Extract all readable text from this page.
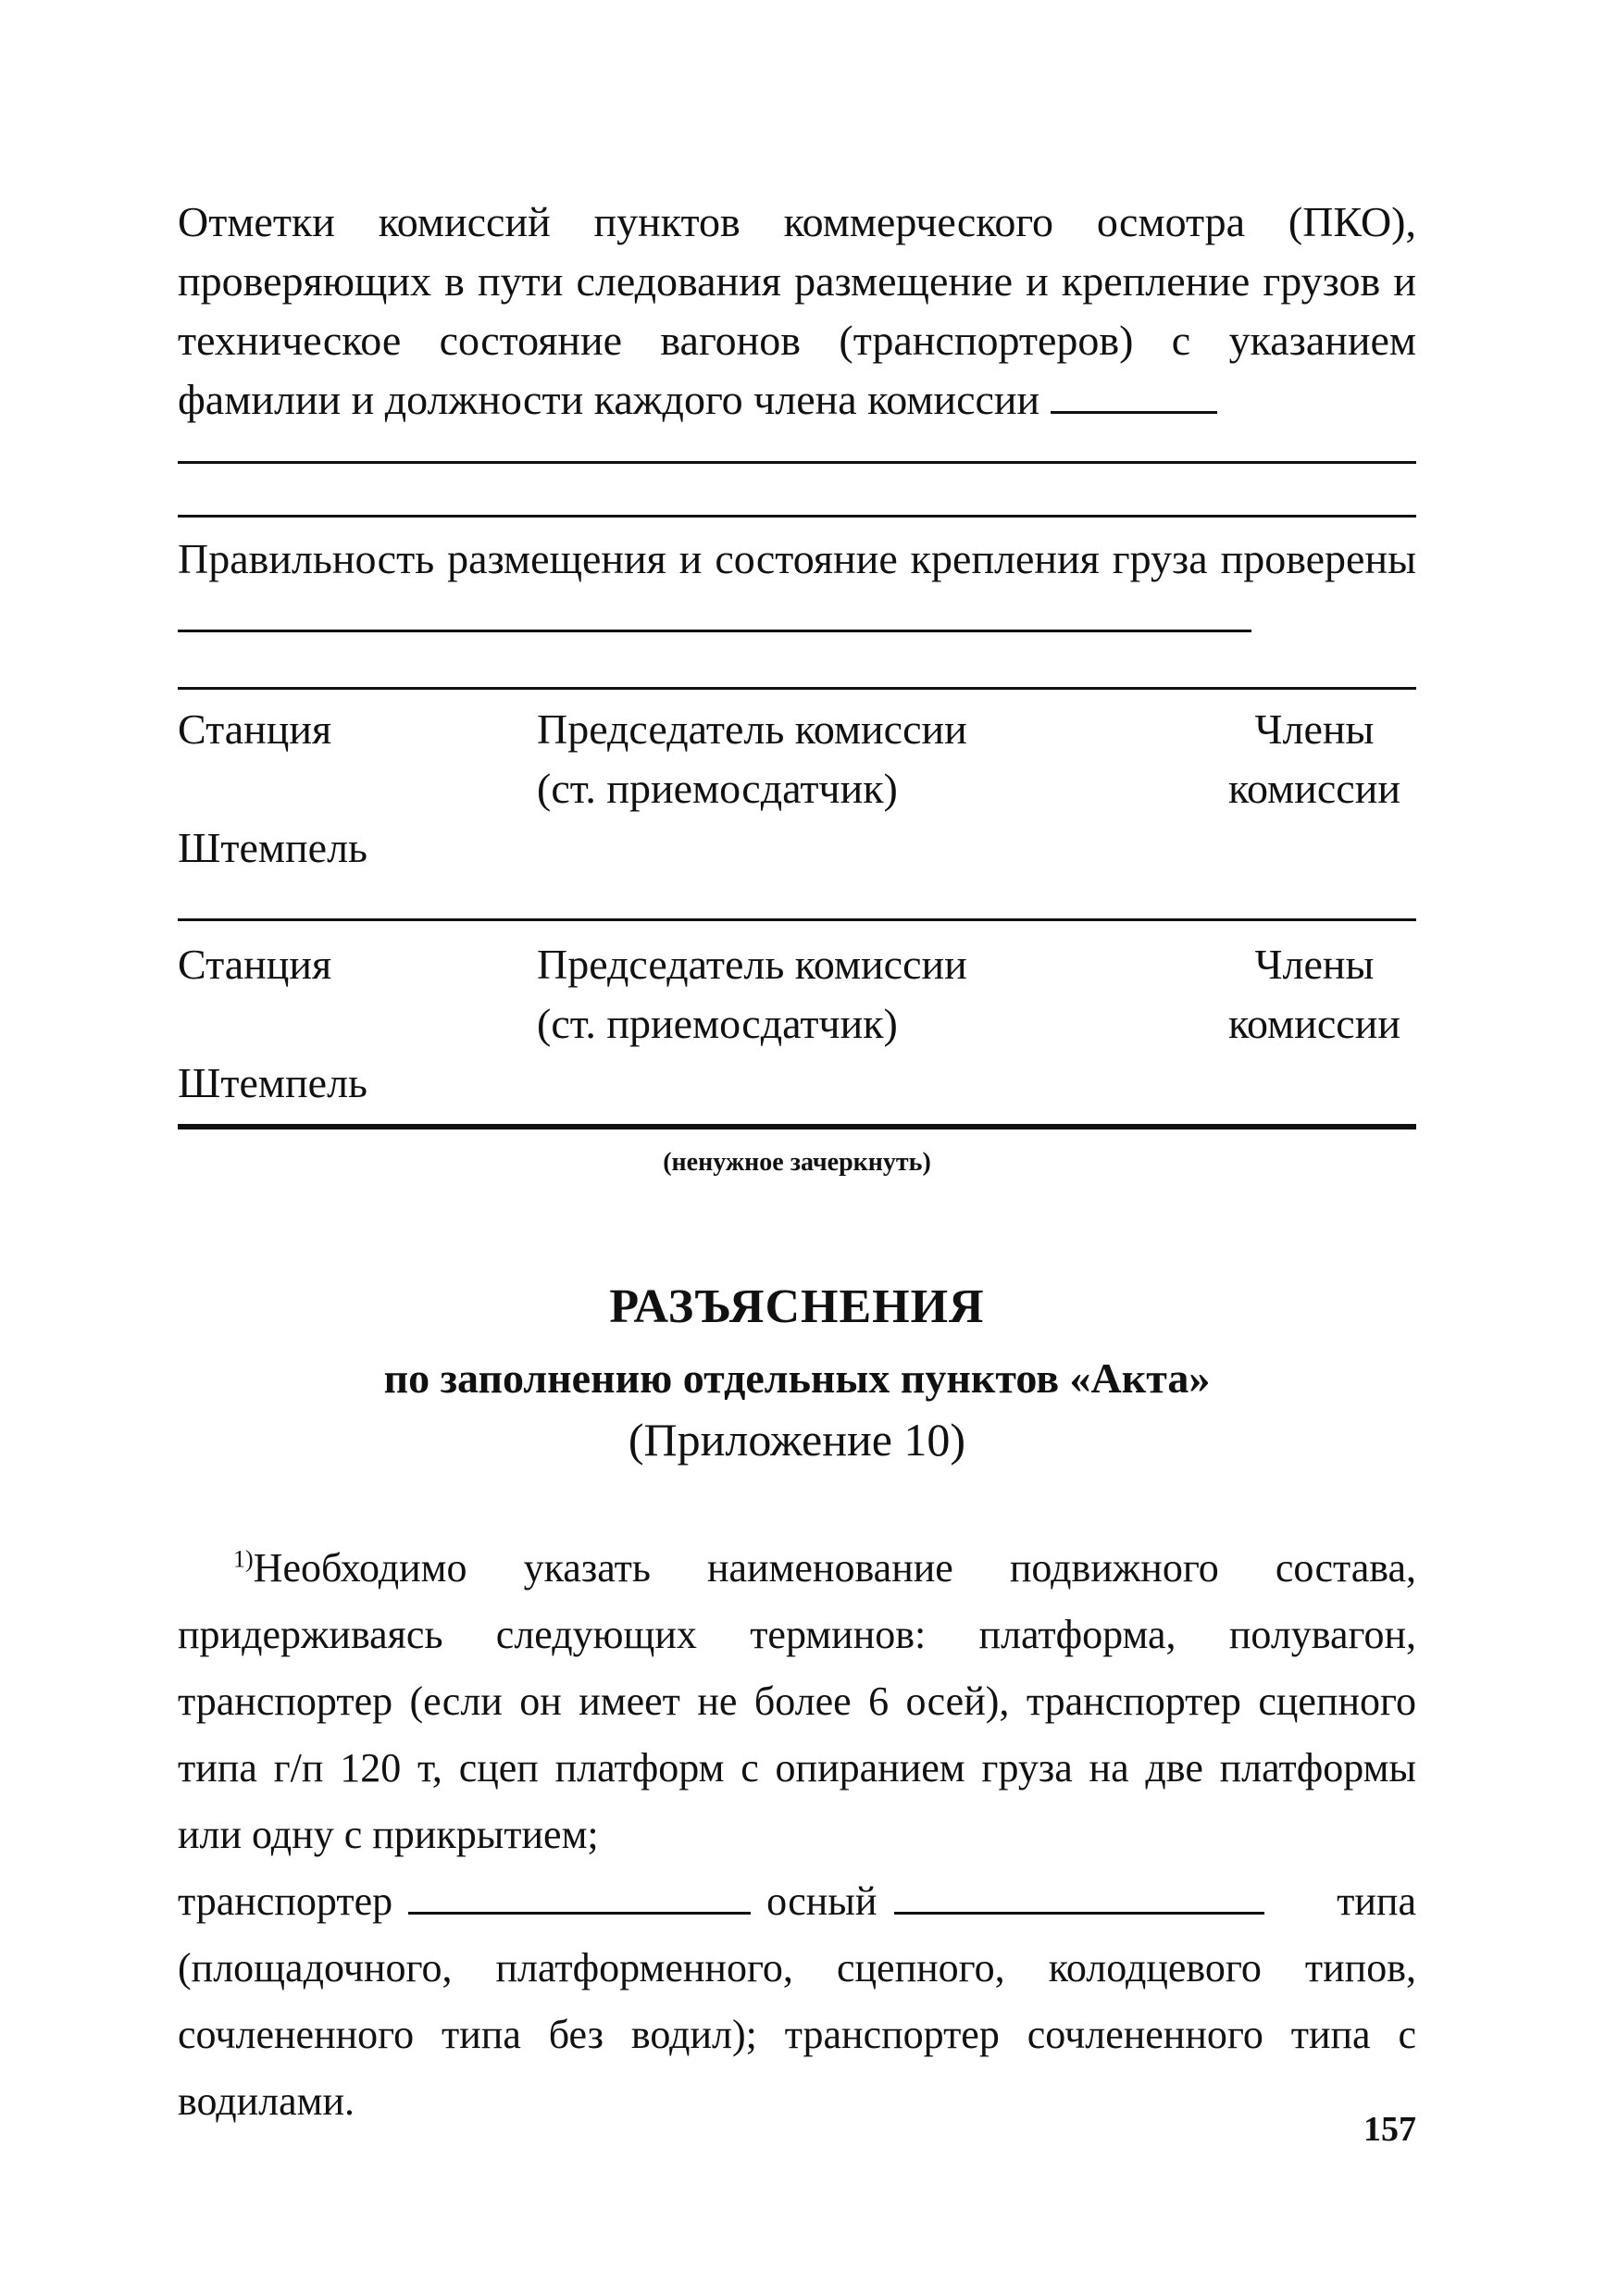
Отметки комиссий пунктов коммерческого осмотра (ПКО), проверяющих в пути следования размещение и крепление грузов и техническое состояние вагонов (транспортеров) с указанием фамилии и должности каждого члена комиссии
Правильность размещения и состояние крепления груза проверены
Станция
Штемпель
Председатель комиссии
(ст. приемосдатчик)
Члены
комиссии
Станция
Штемпель
Председатель комиссии
(ст. приемосдатчик)
Члены
комиссии
(ненужное зачеркнуть)
РАЗЪЯСНЕНИЯ
по заполнению отдельных пунктов «Акта»
(Приложение 10)
$^{1)}$Необходимо указать наименование подвижного состава, придерживаясь следующих терминов: платформа, полувагон, транспортер (если он имеет не более 6 осей), транспортер сцепного типа г/п 120 т, сцеп платформ с опиранием груза на две платформы или одну с прикрытием;
транспортер	осный	типа
(площадочного, платформенного, сцепного, колодцевого типов, сочлененного типа без водил); транспортер сочлененного типа с водилами.
157
